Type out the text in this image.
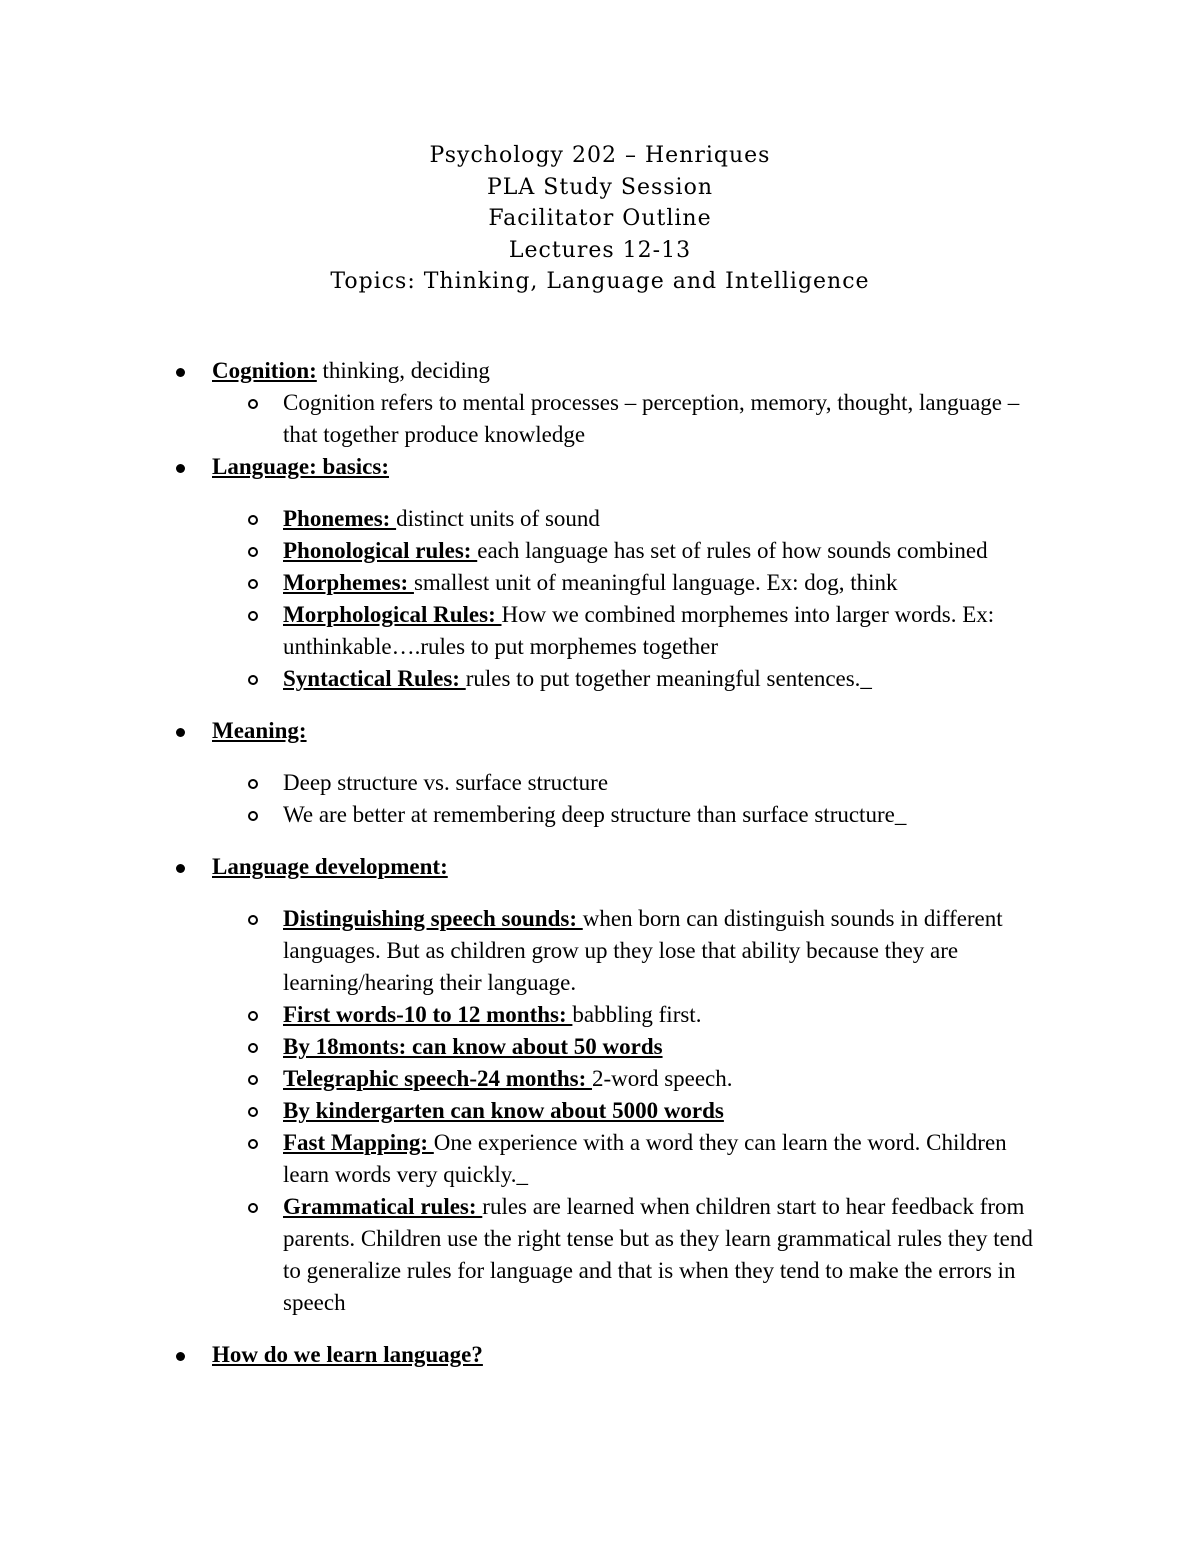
Psychology 202 – Henriques
PLA Study Session
Facilitator Outline
Lectures 12-13
Topics: Thinking, Language and Intelligence
Cognition: thinking, deciding
Cognition refers to mental processes – perception, memory, thought, language – that together produce knowledge
Language: basics:
Phonemes: distinct units of sound
Phonological rules: each language has set of rules of how sounds combined
Morphemes: smallest unit of meaningful language. Ex: dog, think
Morphological Rules: How we combined morphemes into larger words. Ex: unthinkable….rules to put morphemes together
Syntactical Rules: rules to put together meaningful sentences._
Meaning:
Deep structure vs. surface structure
We are better at remembering deep structure than surface structure_
Language development:
Distinguishing speech sounds: when born can distinguish sounds in different languages. But as children grow up they lose that ability because they are learning/hearing their language.
First words-10 to 12 months: babbling first.
By 18monts: can know about 50 words
Telegraphic speech-24 months: 2-word speech.
By kindergarten can know about 5000 words
Fast Mapping: One experience with a word they can learn the word. Children learn words very quickly._
Grammatical rules: rules are learned when children start to hear feedback from parents. Children use the right tense but as they learn grammatical rules they tend to generalize rules for language and that is when they tend to make the errors in speech
How do we learn language?
